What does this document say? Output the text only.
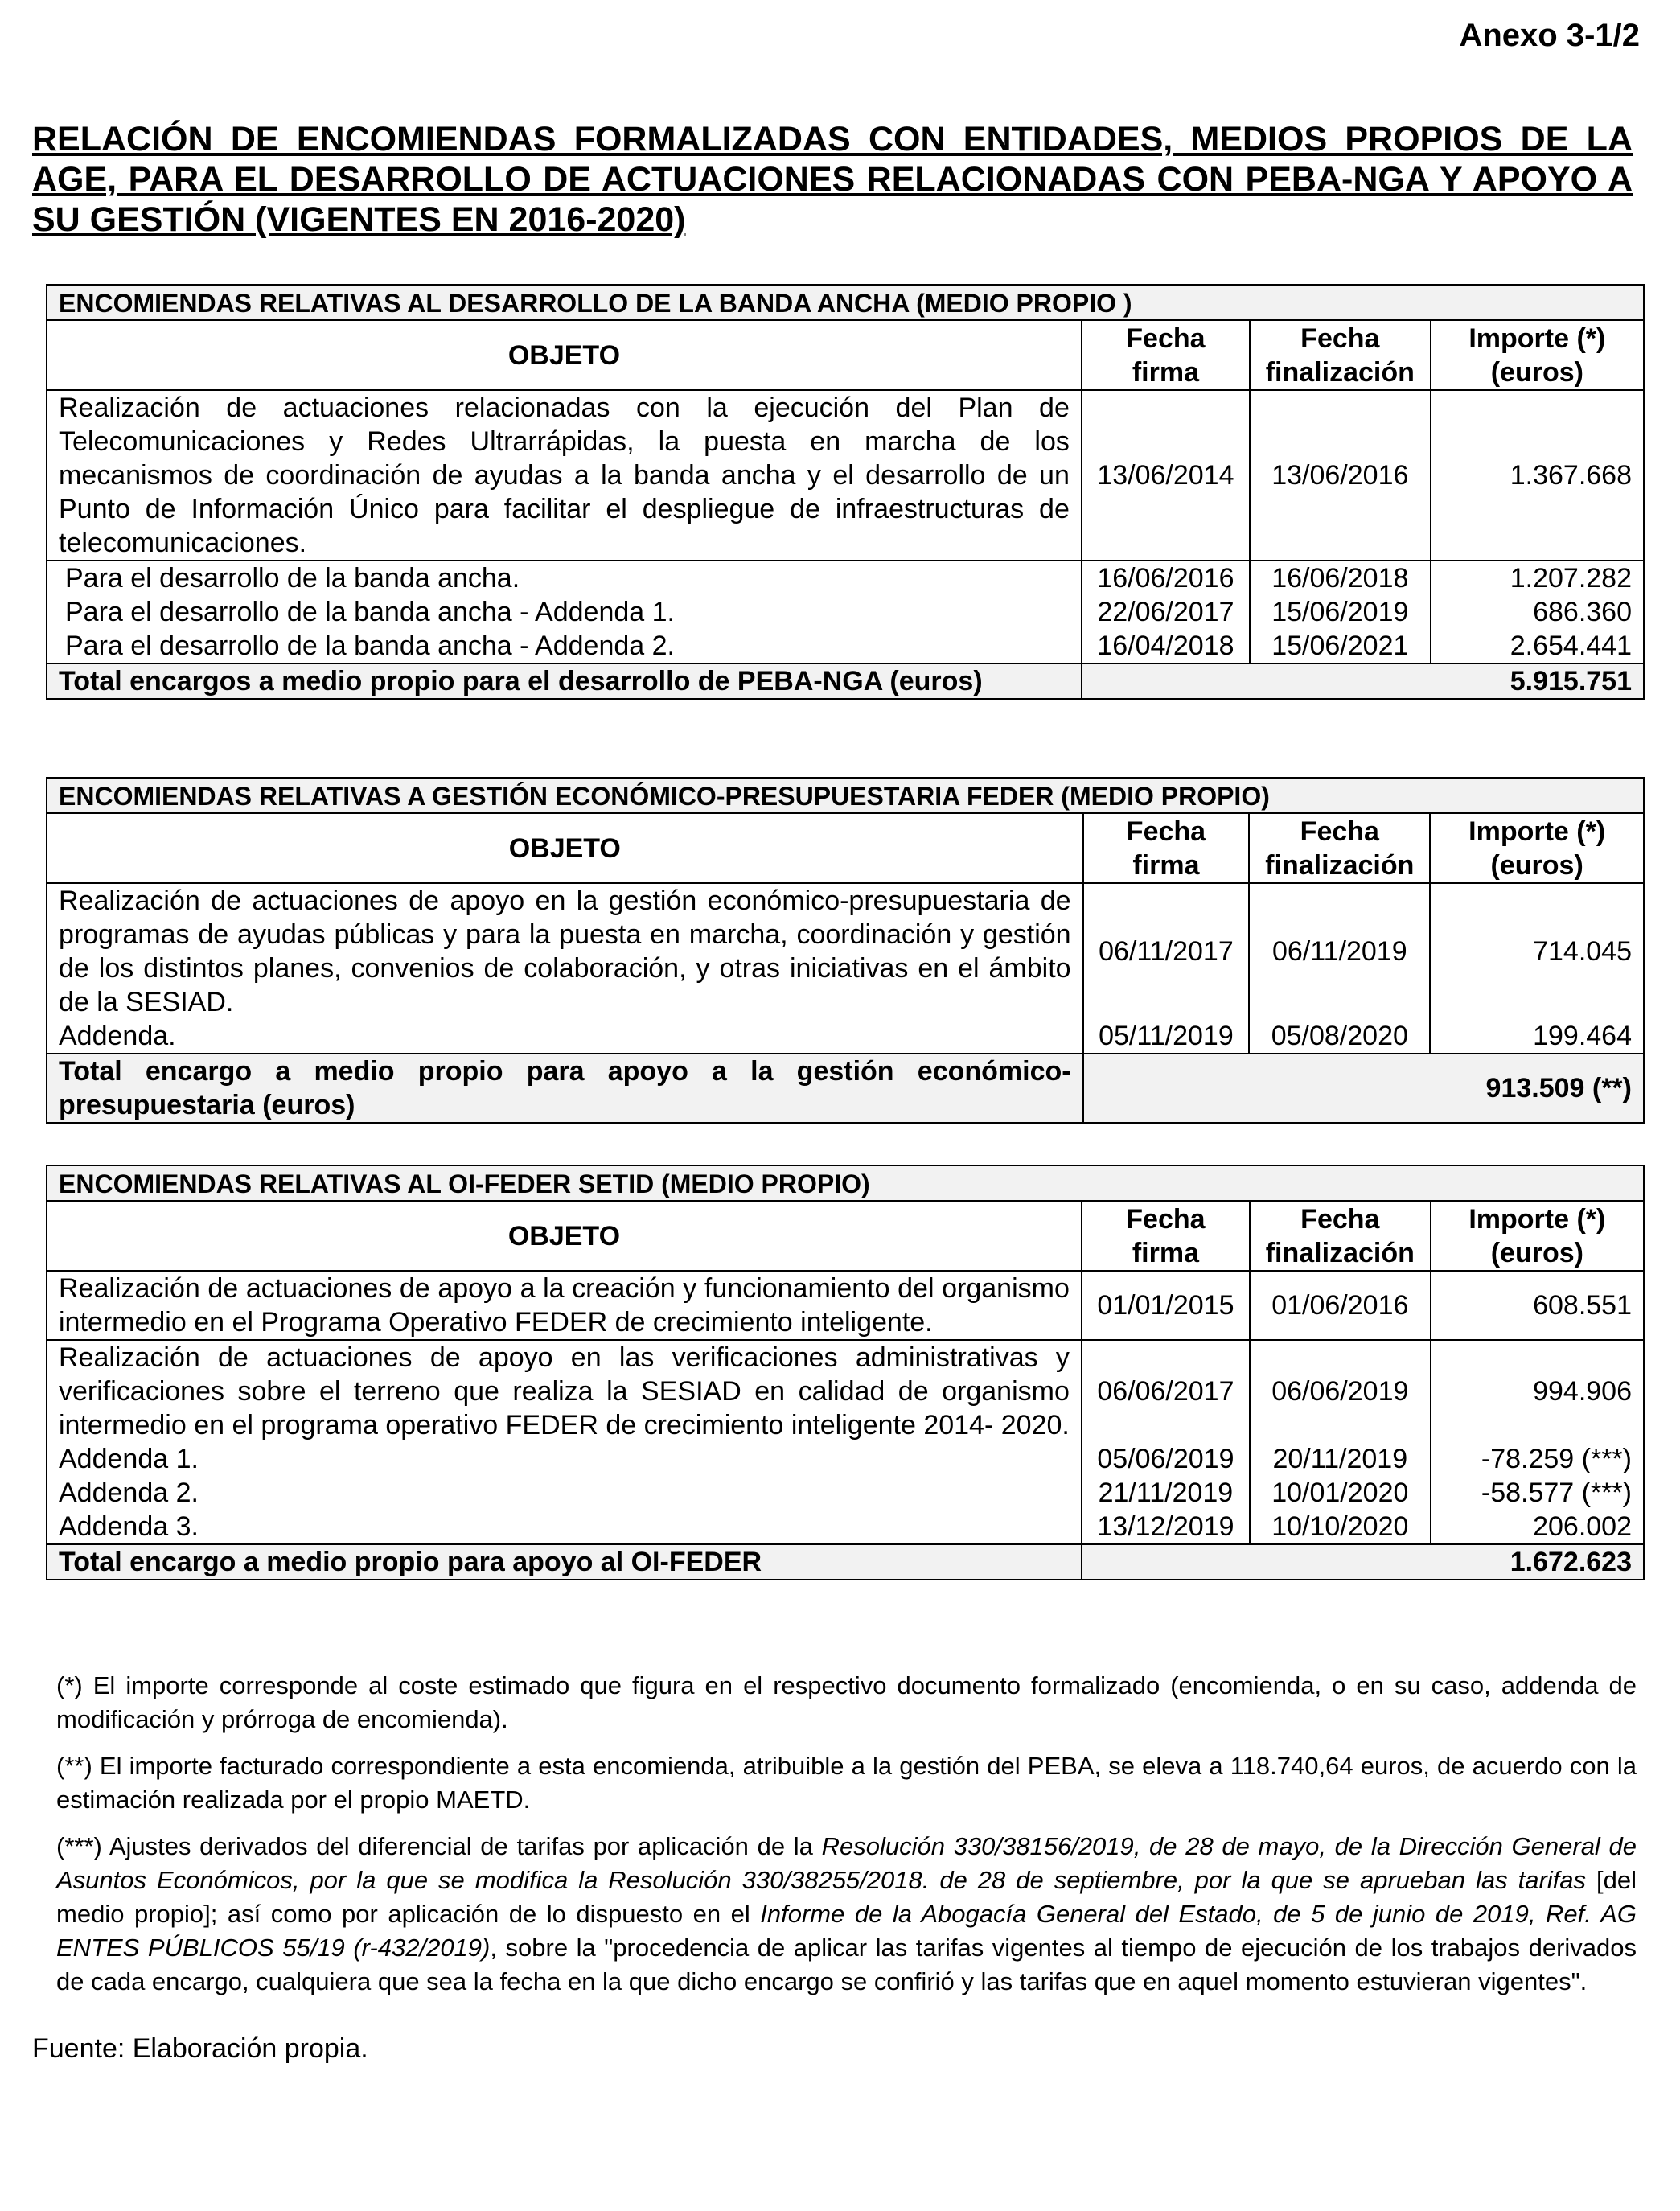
Anexo 3-1/2
RELACIÓN DE ENCOMIENDAS FORMALIZADAS CON ENTIDADES, MEDIOS PROPIOS DE LA AGE, PARA EL DESARROLLO DE ACTUACIONES RELACIONADAS CON PEBA-NGA Y APOYO A SU GESTIÓN (VIGENTES EN 2016-2020)
ENCOMIENDAS RELATIVAS AL DESARROLLO DE LA BANDA ANCHA (MEDIO PROPIO )			
OBJETO	Fecha firma	Fecha finalización	Importe (*) (euros)
Realización de actuaciones relacionadas con la ejecución del Plan de Telecomunicaciones y Redes Ultrarrápidas, la puesta en marcha de los mecanismos de coordinación de ayudas a la banda ancha y el desarrollo de un Punto de Información Único para facilitar el despliegue de infraestructuras de telecomunicaciones.	13/06/2014	13/06/2016	1.367.668
Para el desarrollo de la banda ancha.	16/06/2016	16/06/2018	1.207.282
Para el desarrollo de la banda ancha - Addenda 1.	22/06/2017	15/06/2019	686.360
Para el desarrollo de la banda ancha - Addenda 2.	16/04/2018	15/06/2021	2.654.441
Total encargos a medio propio para el desarrollo de PEBA-NGA (euros)	5.915.751		
ENCOMIENDAS RELATIVAS A GESTIÓN ECONÓMICO-PRESUPUESTARIA FEDER (MEDIO PROPIO)			
OBJETO	Fecha firma	Fecha finalización	Importe (*) (euros)
Realización de actuaciones de apoyo en la gestión económico-presupuestaria de programas de ayudas públicas y para la puesta en marcha, coordinación y gestión de los distintos planes, convenios de colaboración, y otras iniciativas en el ámbito de la SESIAD.	06/11/2017	06/11/2019	714.045
Addenda.	05/11/2019	05/08/2020	199.464
Total encargo a medio propio para apoyo a la gestión económico-presupuestaria (euros)	913.509 (**)		
ENCOMIENDAS RELATIVAS AL OI-FEDER SETID (MEDIO PROPIO)			
OBJETO	Fecha firma	Fecha finalización	Importe (*) (euros)
Realización de actuaciones de apoyo a la creación y funcionamiento del organismo intermedio en el Programa Operativo FEDER de crecimiento inteligente.	01/01/2015	01/06/2016	608.551
Realización de actuaciones de apoyo en las verificaciones administrativas y verificaciones sobre el terreno que realiza la SESIAD en calidad de organismo intermedio en el programa operativo FEDER de crecimiento inteligente 2014- 2020.	06/06/2017	06/06/2019	994.906
Addenda 1.	05/06/2019	20/11/2019	-78.259 (***)
Addenda 2.	21/11/2019	10/01/2020	-58.577 (***)
Addenda 3.	13/12/2019	10/10/2020	206.002
Total encargo a medio propio para apoyo al OI-FEDER	1.672.623		
(*) El importe corresponde al coste estimado que figura en el respectivo documento formalizado (encomienda, o en su caso, addenda de modificación y prórroga de encomienda).
(**) El importe facturado correspondiente a esta encomienda, atribuible a la gestión del PEBA, se eleva a 118.740,64 euros, de acuerdo con la estimación realizada por el propio MAETD.
(***) Ajustes derivados del diferencial de tarifas por aplicación de la Resolución 330/38156/2019, de 28 de mayo, de la Dirección General de Asuntos Económicos, por la que se modifica la Resolución 330/38255/2018. de 28 de septiembre, por la que se aprueban las tarifas [del medio propio]; así como por aplicación de lo dispuesto en el Informe de la Abogacía General del Estado, de 5 de junio de 2019, Ref. AG ENTES PÚBLICOS 55/19 (r-432/2019), sobre la "procedencia de aplicar las tarifas vigentes al tiempo de ejecución de los trabajos derivados de cada encargo, cualquiera que sea la fecha en la que dicho encargo se confirió y las tarifas que en aquel momento estuvieran vigentes".
Fuente: Elaboración propia.
